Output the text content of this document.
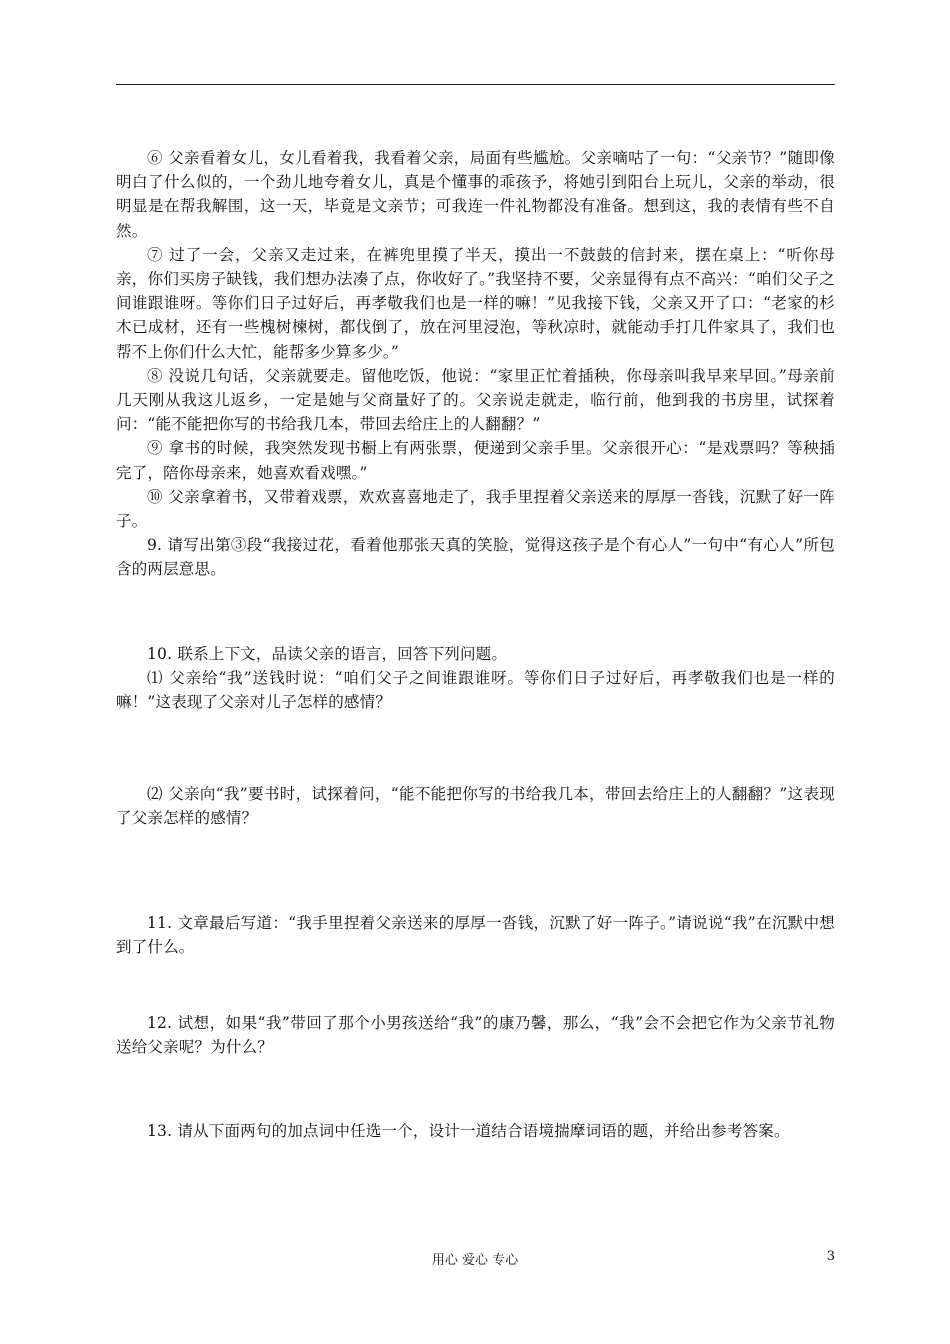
⑥ 父亲看着女儿，女儿看着我，我看着父亲，局面有些尴尬。父亲嘀咕了一句：“父亲节？”随即像明白了什么似的，一个劲儿地夸着女儿，真是个懂事的乖孩予，将她引到阳台上玩儿，父亲的举动，很明显是在帮我解围，这一天，毕竟是文亲节；可我连一件礼物都没有准备。想到这，我的表情有些不自然。

⑦ 过了一会，父亲又走过来，在裤兜里摸了半天，摸出一不鼓鼓的信封来，摆在桌上：“听你母亲，你们买房子缺钱，我们想办法凑了点，你收好了。”我坚持不要，父亲显得有点不高兴：“咱们父子之间谁跟谁呀。等你们日子过好后，再孝敬我们也是一样的嘛！”见我接下钱，父亲又开了口：“老家的杉木已成材，还有一些槐树楝树，都伐倒了，放在河里浸泡，等秋凉时，就能动手打几件家具了，我们也帮不上你们什么大忙，能帮多少算多少。”

⑧ 没说几句话，父亲就要走。留他吃饭，他说：“家里正忙着插秧，你母亲叫我早来早回。”母亲前几天刚从我这儿返乡，一定是她与父商量好了的。父亲说走就走，临行前，他到我的书房里，试探着问：“能不能把你写的书给我几本，带回去给庄上的人翻翻？”

⑨ 拿书的时候，我突然发现书橱上有两张票，便递到父亲手里。父亲很开心：“是戏票吗？等秧插完了，陪你母亲来，她喜欢看戏嘿。”

⑩ 父亲拿着书，又带着戏票，欢欢喜喜地走了，我手里捏着父亲送来的厚厚一沓钱，沉默了好一阵子。

9. 请写出第③段“我接过花，看着他那张天真的笑脸，觉得这孩子是个有心人”一句中“有心人”所包含的两层意思。

10. 联系上下文，品读父亲的语言，回答下列问题。

⑴ 父亲给“我”送钱时说：“咱们父子之间谁跟谁呀。等你们日子过好后，再孝敬我们也是一样的嘛！”这表现了父亲对儿子怎样的感情？

⑵ 父亲向“我”要书时，试探着问，“能不能把你写的书给我几本，带回去给庄上的人翻翻？”这表现了父亲怎样的感情？

11. 文章最后写道：“我手里捏着父亲送来的厚厚一沓钱，沉默了好一阵子。”请说说“我”在沉默中想到了什么。

12. 试想，如果“我”带回了那个小男孩送给“我”的康乃馨，那么，“我”会不会把它作为父亲节礼物送给父亲呢？为什么？

13. 请从下面两句的加点词中任选一个，设计一道结合语境揣摩词语的题，并给出参考答案。

用心 爱心 专心	3
